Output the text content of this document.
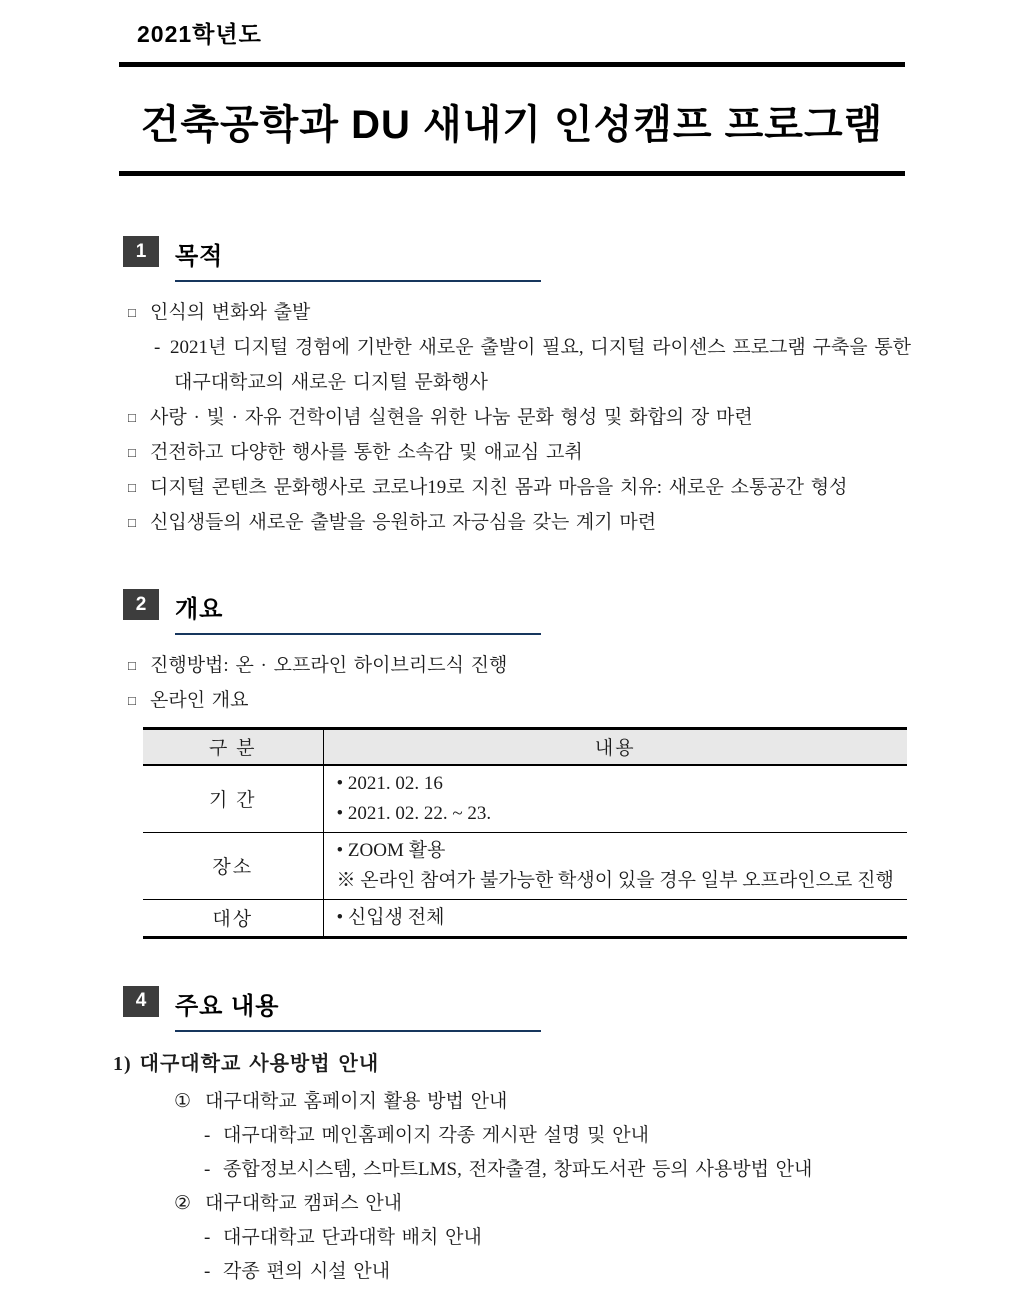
2021학년도
건축공학과 DU 새내기 인성캠프 프로그램
1	목적
□ 인식의 변화와 출발
- 2021년 디지털 경험에 기반한 새로운 출발이 필요, 디지털 라이센스 프로그램 구축을 통한
대구대학교의 새로운 디지털 문화행사
□ 사랑 · 빛 · 자유 건학이념 실현을 위한 나눔 문화 형성 및 화합의 장 마련
□ 건전하고 다양한 행사를 통한 소속감 및 애교심 고취
□ 디지털 콘텐츠 문화행사로 코로나19로 지친 몸과 마음을 치유: 새로운 소통공간 형성
□ 신입생들의 새로운 출발을 응원하고 자긍심을 갖는 계기 마련
2	개요
□ 진행방법: 온 · 오프라인 하이브리드식 진행
□ 온라인 개요
구 분	내용
기 간	• 2021. 02. 16
• 2021. 02. 22. ~ 23.

장소	• ZOOM 활용
※ 온라인 참여가 불가능한 학생이 있을 경우 일부 오프라인으로 진행

대상	• 신입생 전체
4	주요 내용
1) 대구대학교 사용방법 안내
① 대구대학교 홈페이지 활용 방법 안내
- 대구대학교 메인홈페이지 각종 게시판 설명 및 안내
- 종합정보시스템, 스마트LMS, 전자출결, 창파도서관 등의 사용방법 안내
② 대구대학교 캠퍼스 안내
- 대구대학교 단과대학 배치 안내
- 각종 편의 시설 안내
